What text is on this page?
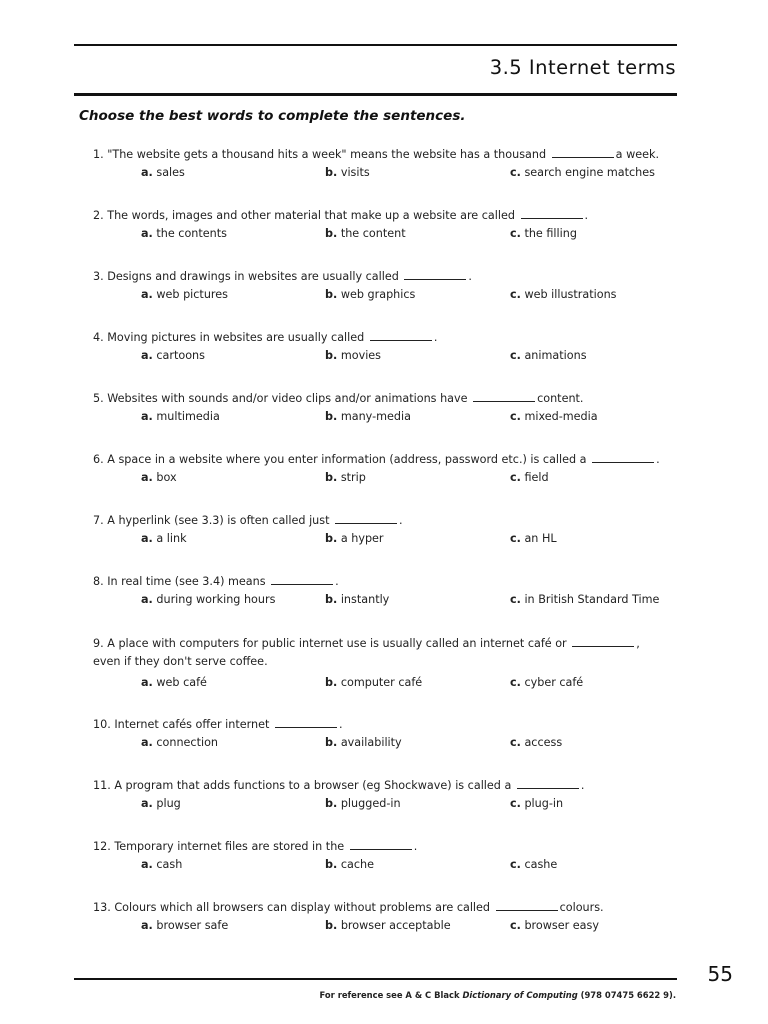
3.5 Internet terms
Choose the best words to complete the sentences.
1. "The website gets a thousand hits a week" means the website has a thousand	a week.
a. sales	b. visits	c. search engine matches
2. The words, images and other material that make up a website are called	.
a. the contents	b. the content	c. the filling
3. Designs and drawings in websites are usually called	.
a. web pictures	b. web graphics	c. web illustrations
4. Moving pictures in websites are usually called	.
a. cartoons	b. movies	c. animations
5. Websites with sounds and/or video clips and/or animations have	content.
a. multimedia	b. many-media	c. mixed-media
6. A space in a website where you enter information (address, password etc.) is called a	.
a. box	b. strip	c. field
7. A hyperlink (see 3.3) is often called just	.
a. a link	b. a hyper	c. an HL
8. In real time (see 3.4) means	.
a. during working hours	b. instantly	c. in British Standard Time
9. A place with computers for public internet use is usually called an internet café or	,
even if they don't serve coffee.
a. web café	b. computer café	c. cyber café
10. Internet cafés offer internet	.
a. connection	b. availability	c. access
11. A program that adds functions to a browser (eg Shockwave) is called a	.
a. plug	b. plugged-in	c. plug-in
12. Temporary internet files are stored in the	.
a. cash	b. cache	c. cashe
13. Colours which all browsers can display without problems are called	colours.
a. browser safe	b. browser acceptable	c. browser easy
55
For reference see A & C Black Dictionary of Computing (978 07475 6622 9).
